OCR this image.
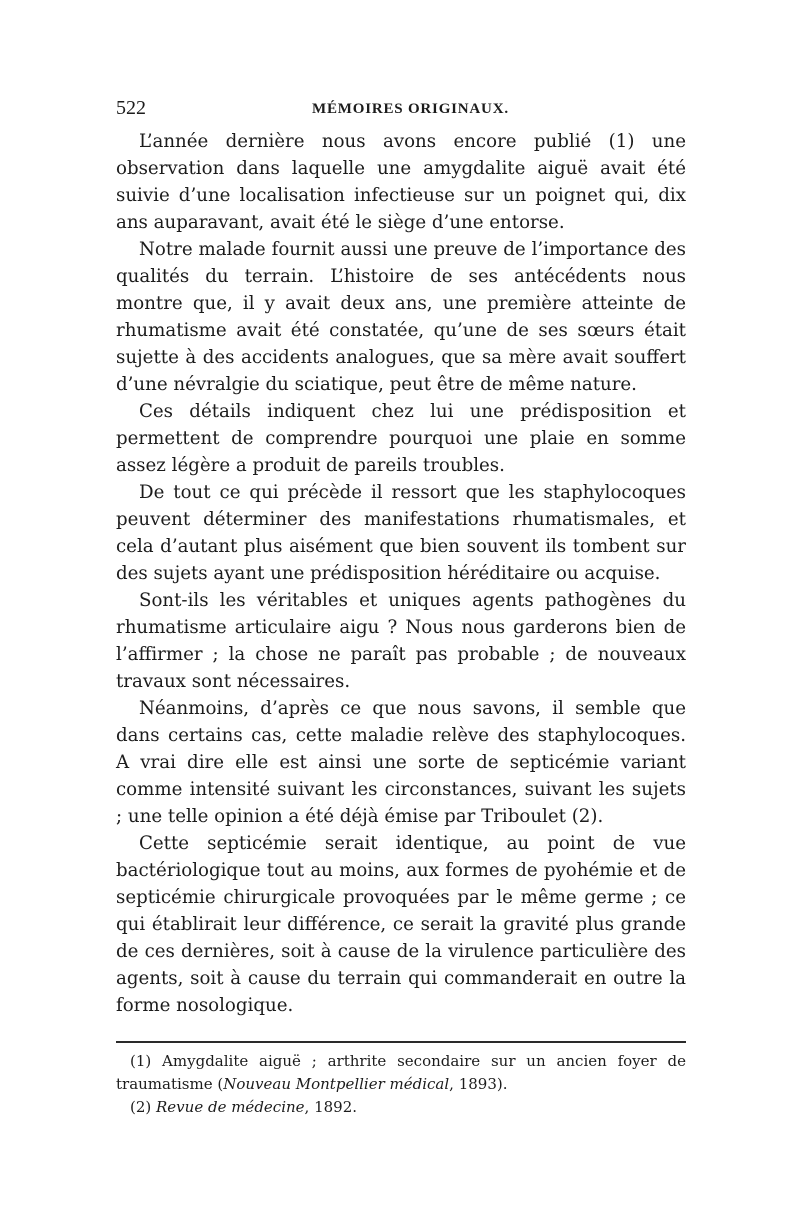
522	MÉMOIRES ORIGINAUX.

L’année dernière nous avons encore publié (1) une observation dans laquelle une amygdalite aiguë avait été suivie d’une localisation infectieuse sur un poignet qui, dix ans auparavant, avait été le siège d’une entorse.

Notre malade fournit aussi une preuve de l’importance des qualités du terrain. L’histoire de ses antécédents nous montre que, il y avait deux ans, une première atteinte de rhumatisme avait été constatée, qu’une de ses sœurs était sujette à des accidents analogues, que sa mère avait souffert d’une névralgie du sciatique, peut être de même nature.

Ces détails indiquent chez lui une prédisposition et permettent de comprendre pourquoi une plaie en somme assez légère a produit de pareils troubles.

De tout ce qui précède il ressort que les staphylocoques peuvent déterminer des manifestations rhumatismales, et cela d’autant plus aisément que bien souvent ils tombent sur des sujets ayant une prédisposition héréditaire ou acquise.

Sont-ils les véritables et uniques agents pathogènes du rhumatisme articulaire aigu ? Nous nous garderons bien de l’affirmer ; la chose ne paraît pas probable ; de nouveaux travaux sont nécessaires.

Néanmoins, d’après ce que nous savons, il semble que dans certains cas, cette maladie relève des staphylocoques. A vrai dire elle est ainsi une sorte de septicémie variant comme intensité suivant les circonstances, suivant les sujets ; une telle opinion a été déjà émise par Triboulet (2).

Cette septicémie serait identique, au point de vue bactériologique tout au moins, aux formes de pyohémie et de septicémie chirurgicale provoquées par le même germe ; ce qui établirait leur différence, ce serait la gravité plus grande de ces dernières, soit à cause de la virulence particulière des agents, soit à cause du terrain qui commanderait en outre la forme nosologique.

(1) Amygdalite aiguë ; arthrite secondaire sur un ancien foyer de traumatisme (Nouveau Montpellier médical, 1893).

(2) Revue de médecine, 1892.
